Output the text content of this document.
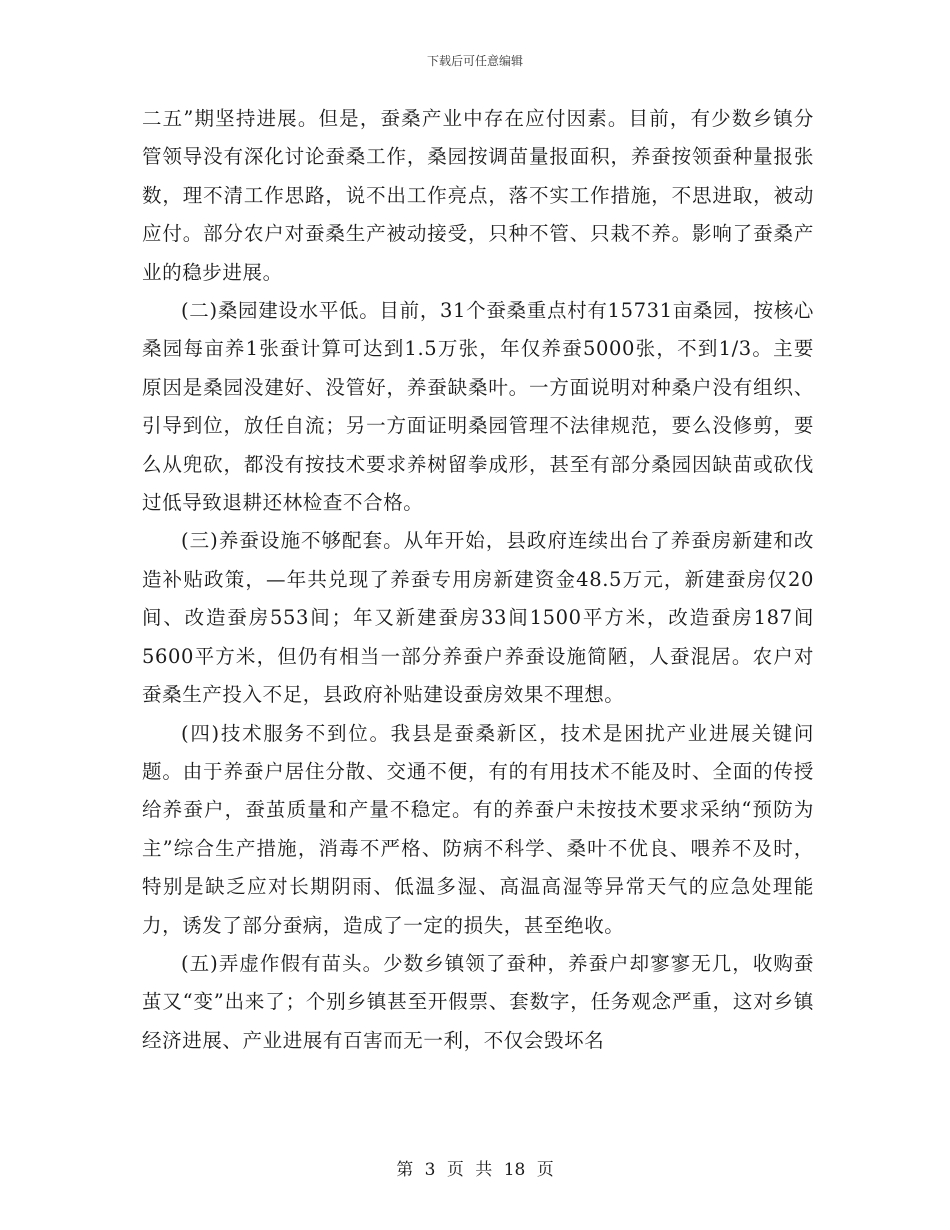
下载后可任意编辑

二五”期坚持进展。但是，蚕桑产业中存在应付因素。目前，有少数乡镇分管领导没有深化讨论蚕桑工作，桑园按调苗量报面积，养蚕按领蚕种量报张数，理不清工作思路，说不出工作亮点，落不实工作措施，不思进取，被动应付。部分农户对蚕桑生产被动接受，只种不管、只栽不养。影响了蚕桑产业的稳步进展。

(二)桑园建设水平低。目前，31个蚕桑重点村有15731亩桑园，按核心桑园每亩养1张蚕计算可达到1.5万张，年仅养蚕5000张，不到1/3。主要原因是桑园没建好、没管好，养蚕缺桑叶。一方面说明对种桑户没有组织、引导到位，放任自流；另一方面证明桑园管理不法律规范，要么没修剪，要么从兜砍，都没有按技术要求养树留拳成形，甚至有部分桑园因缺苗或砍伐过低导致退耕还林检查不合格。

(三)养蚕设施不够配套。从年开始，县政府连续出台了养蚕房新建和改造补贴政策，—年共兑现了养蚕专用房新建资金48.5万元，新建蚕房仅20间、改造蚕房553间；年又新建蚕房33间1500平方米，改造蚕房187间5600平方米，但仍有相当一部分养蚕户养蚕设施简陋，人蚕混居。农户对蚕桑生产投入不足，县政府补贴建设蚕房效果不理想。

(四)技术服务不到位。我县是蚕桑新区，技术是困扰产业进展关键问题。由于养蚕户居住分散、交通不便，有的有用技术不能及时、全面的传授给养蚕户，蚕茧质量和产量不稳定。有的养蚕户未按技术要求采纳“预防为主”综合生产措施，消毒不严格、防病不科学、桑叶不优良、喂养不及时，特别是缺乏应对长期阴雨、低温多湿、高温高湿等异常天气的应急处理能力，诱发了部分蚕病，造成了一定的损失，甚至绝收。

(五)弄虚作假有苗头。少数乡镇领了蚕种，养蚕户却寥寥无几，收购蚕茧又“变”出来了；个别乡镇甚至开假票、套数字，任务观念严重，这对乡镇经济进展、产业进展有百害而无一利，不仅会毁坏名

第 3 页 共 18 页
